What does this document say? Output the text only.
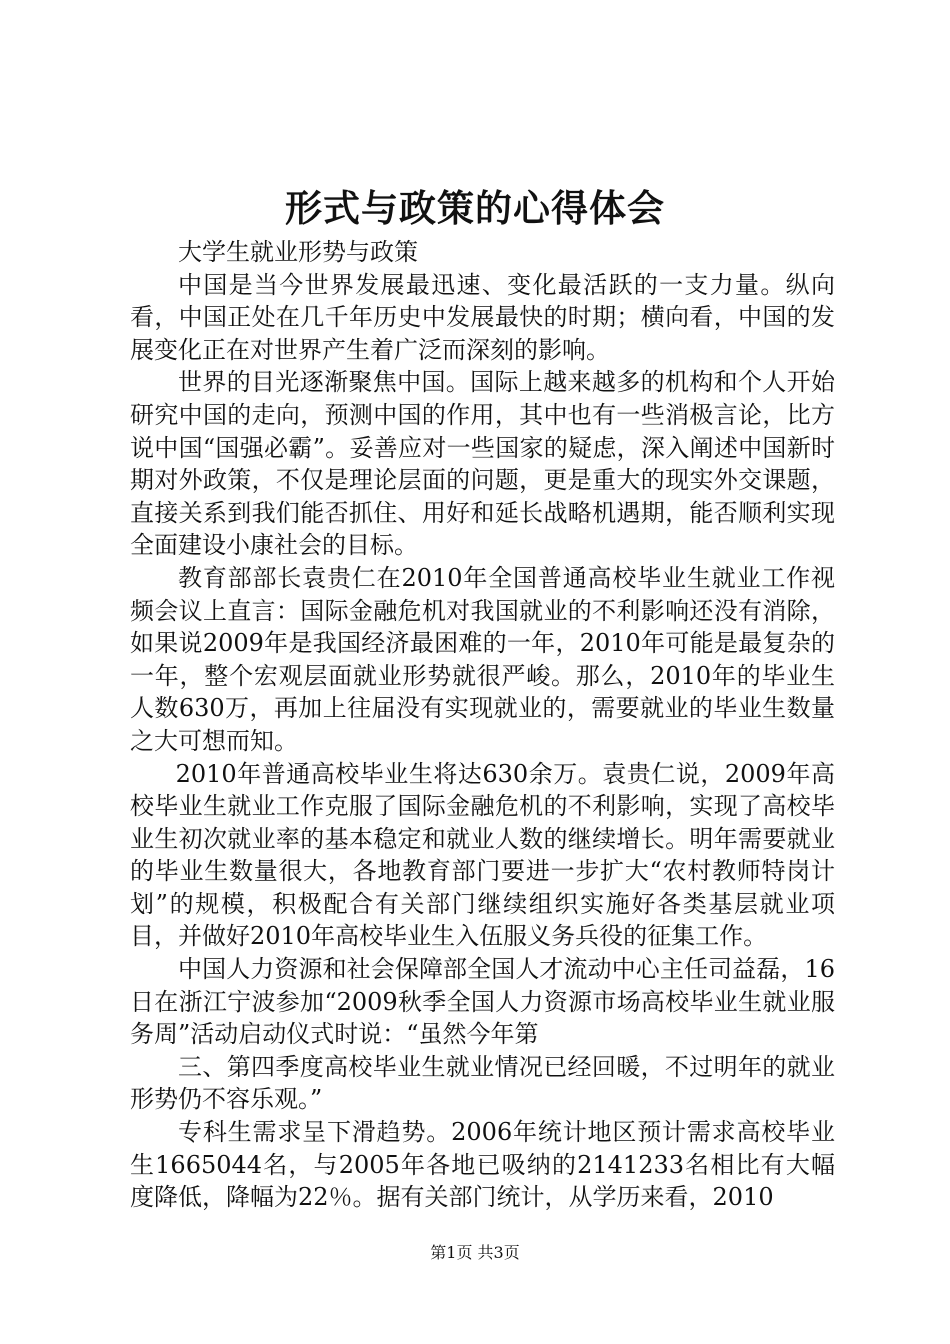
形式与政策的心得体会

大学生就业形势与政策

中国是当今世界发展最迅速、变化最活跃的一支力量。纵向看，中国正处在几千年历史中发展最快的时期；横向看，中国的发展变化正在对世界产生着广泛而深刻的影响。

世界的目光逐渐聚焦中国。国际上越来越多的机构和个人开始研究中国的走向，预测中国的作用，其中也有一些消极言论，比方说中国“国强必霸”。妥善应对一些国家的疑虑，深入阐述中国新时期对外政策，不仅是理论层面的问题，更是重大的现实外交课题，直接关系到我们能否抓住、用好和延长战略机遇期，能否顺利实现全面建设小康社会的目标。

教育部部长袁贵仁在2010年全国普通高校毕业生就业工作视频会议上直言：国际金融危机对我国就业的不利影响还没有消除，如果说2009年是我国经济最困难的一年，2010年可能是最复杂的一年，整个宏观层面就业形势就很严峻。那么，2010年的毕业生人数630万，再加上往届没有实现就业的，需要就业的毕业生数量之大可想而知。

2010年普通高校毕业生将达630余万。袁贵仁说，2009年高校毕业生就业工作克服了国际金融危机的不利影响，实现了高校毕业生初次就业率的基本稳定和就业人数的继续增长。明年需要就业的毕业生数量很大，各地教育部门要进一步扩大“农村教师特岗计划”的规模，积极配合有关部门继续组织实施好各类基层就业项目，并做好2010年高校毕业生入伍服义务兵役的征集工作。

中国人力资源和社会保障部全国人才流动中心主任司益磊，16日在浙江宁波参加“2009秋季全国人力资源市场高校毕业生就业服务周”活动启动仪式时说：“虽然今年第

三、第四季度高校毕业生就业情况已经回暖，不过明年的就业形势仍不容乐观。”

专科生需求呈下滑趋势。2006年统计地区预计需求高校毕业生1665044名，与2005年各地已吸纳的2141233名相比有大幅度降低，降幅为22％。据有关部门统计，从学历来看，2010

第1页 共3页
